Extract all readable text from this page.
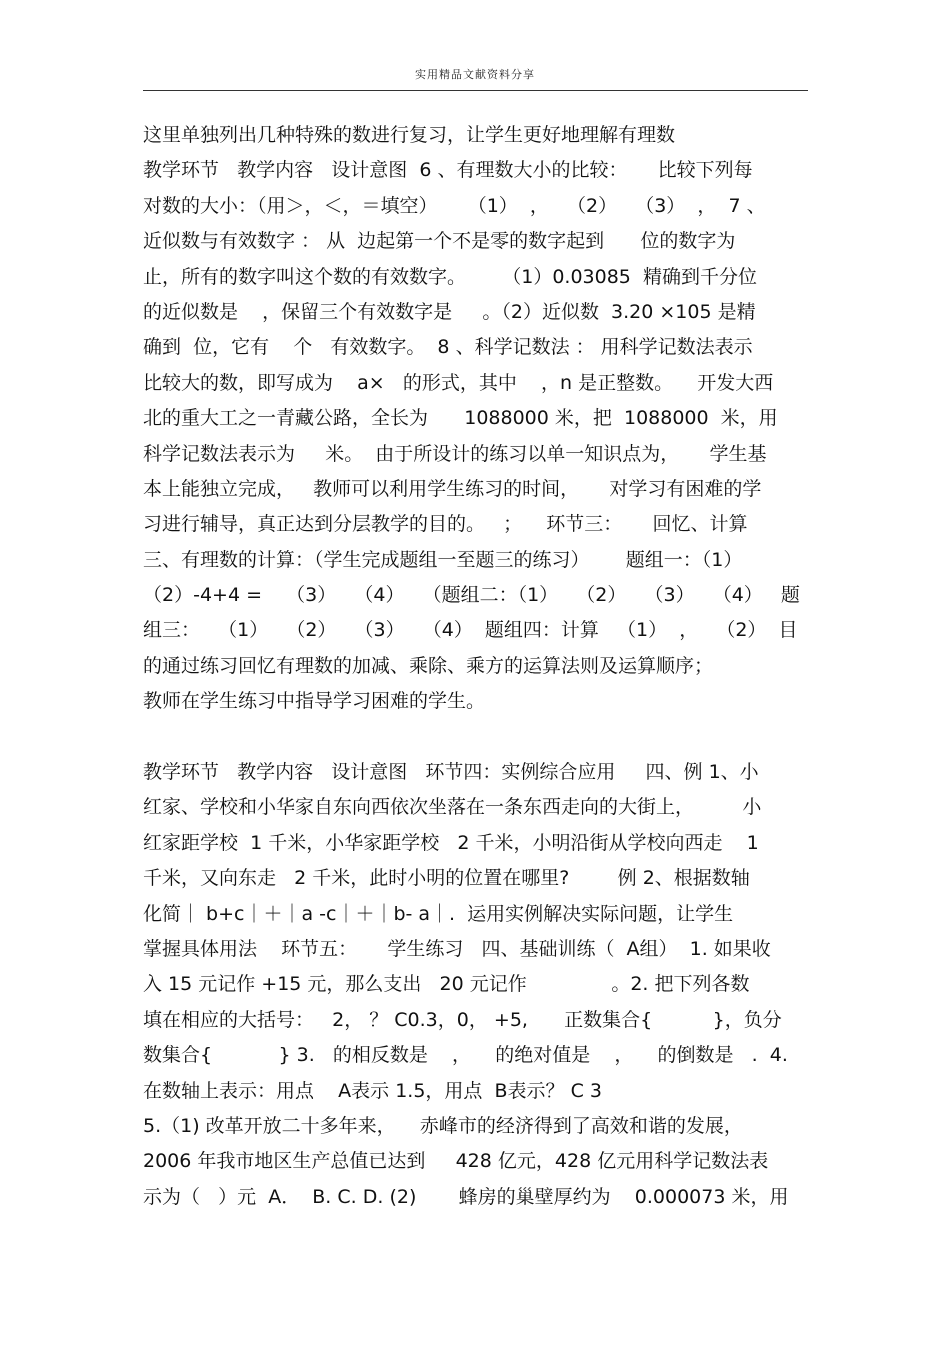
实用精品文献资料分享
这里单独列出几种特殊的数进行复习，让学生更好地理解有理数
教学环节   教学内容   设计意图  6 、有理数大小的比较：     比较下列每
对数的大小：（用＞，＜，＝填空）     （1）  ，   （2）   （3）  ，  7 、
近似数与有效数字 ： 从  边起第一个不是零的数字起到      位的数字为
止，所有的数字叫这个数的有效数字。      （1）0.03085  精确到千分位
的近似数是    ，保留三个有效数字是     。（2）近似数  3.20 ×105 是精
确到  位，它有    个   有效数字。  8 、科学记数法 ： 用科学记数法表示
比较大的数，即写成为    a×   的形式，其中    ，n 是正整数。    开发大西
北的重大工之一青藏公路，全长为      1088000 米，把  1088000  米，用
科学记数法表示为     米。  由于所设计的练习以单一知识点为，     学生基
本上能独立完成，   教师可以利用学生练习的时间，     对学习有困难的学
习进行辅导，真正达到分层教学的目的。   ；    环节三：     回忆、计算
三、有理数的计算：（学生完成题组一至题三的练习）      题组一：（1）
（2）-4+4 =    （3）   （4）   （题组二：（1）   （2）   （3）   （4）   题
组三：   （1）   （2）   （3）   （4）  题组四：计算   （1）  ，   （2）  目
的通过练习回忆有理数的加减、乘除、乘方的运算法则及运算顺序；
教师在学生练习中指导学习困难的学生。
教学环节   教学内容   设计意图   环节四：实例综合应用     四、例 1、小
红家、学校和小华家自东向西依次坐落在一条东西走向的大街上，        小
红家距学校  1 千米，小华家距学校   2 千米，小明沿街从学校向西走    1
千米，又向东走   2 千米，此时小明的位置在哪里?        例 2、根据数轴
化简｜ b+c｜＋｜a -c｜＋｜b- a｜.  运用实例解决实际问题，让学生
掌握具体用法    环节五：     学生练习   四、基础训练（  A组）  1. 如果收
入 15 元记作 +15 元，那么支出   20 元记作              。2. 把下列各数
填在相应的大括号：   2， ？ C0.3，0， +5,      正数集合{          }，负分
数集合{           } 3.   的相反数是    ，    的绝对值是    ，    的倒数是   .  4.
在数轴上表示：用点    A表示 1.5，用点  B表示？ C 3
5.（1) 改革开放二十多年来，    赤峰市的经济得到了高效和谐的发展，
2006 年我市地区生产总值已达到     428 亿元，428 亿元用科学记数法表
示为（   ）元  A．  B. C. D. (2)       蜂房的巢壁厚约为    0.000073 米，用
